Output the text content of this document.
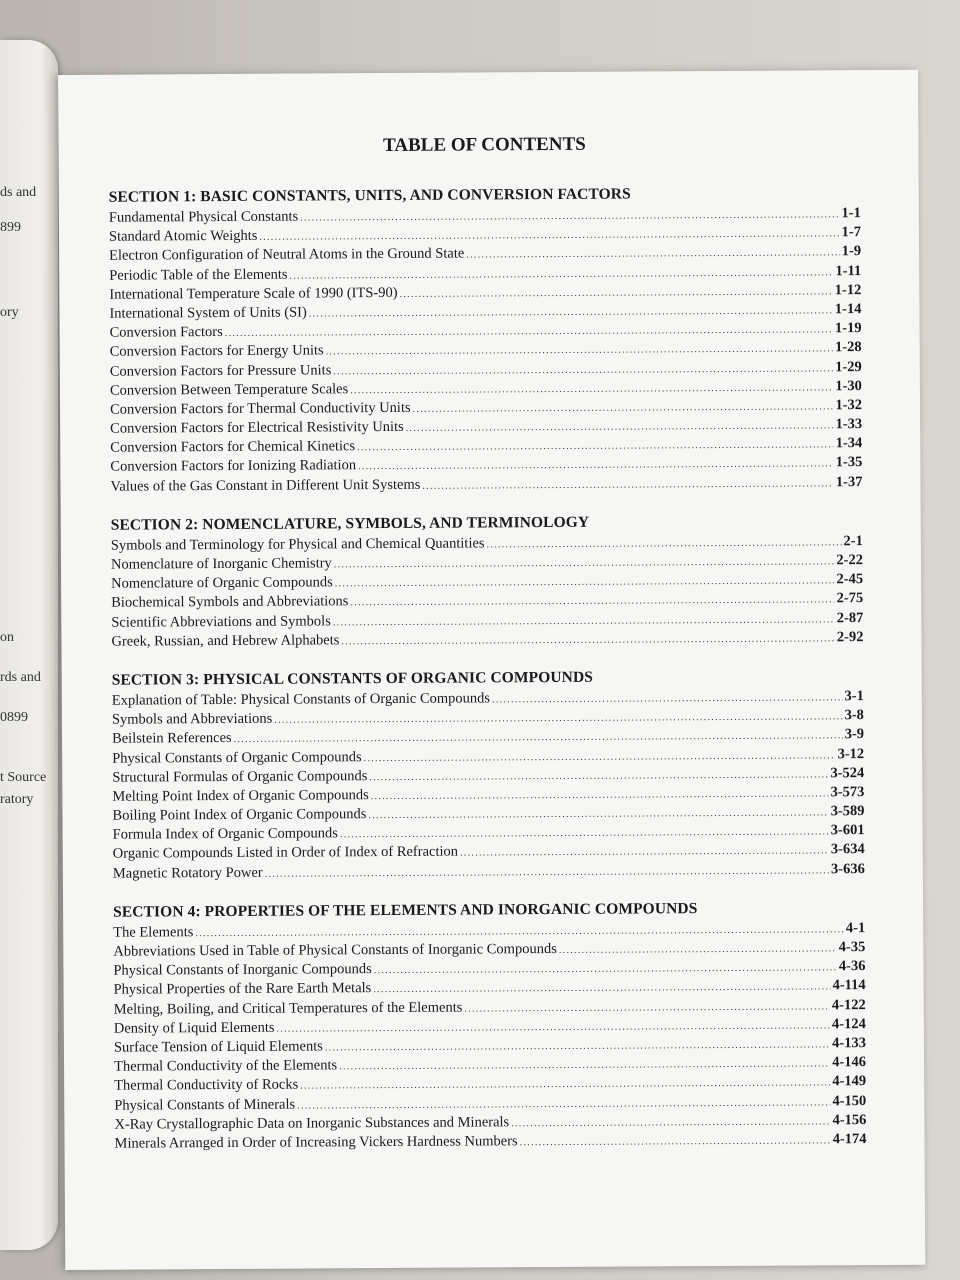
ds and
899
ory
on
rds and
0899
t Source
ratory
TABLE OF CONTENTS
SECTION 1: BASIC CONSTANTS, UNITS, AND CONVERSION FACTORS
Fundamental Physical Constants .....	1-1
Standard Atomic Weights .....	1-7
Electron Configuration of Neutral Atoms in the Ground State .....	1-9
Periodic Table of the Elements .....	1-11
International Temperature Scale of 1990 (ITS-90) .....	1-12
International System of Units (SI) .....	1-14
Conversion Factors .....	1-19
Conversion Factors for Energy Units .....	1-28
Conversion Factors for Pressure Units .....	1-29
Conversion Between Temperature Scales .....	1-30
Conversion Factors for Thermal Conductivity Units .....	1-32
Conversion Factors for Electrical Resistivity Units .....	1-33
Conversion Factors for Chemical Kinetics .....	1-34
Conversion Factors for Ionizing Radiation .....	1-35
Values of the Gas Constant in Different Unit Systems .....	1-37
SECTION 2: NOMENCLATURE, SYMBOLS, AND TERMINOLOGY
Symbols and Terminology for Physical and Chemical Quantities .....	2-1
Nomenclature of Inorganic Chemistry .....	2-22
Nomenclature of Organic Compounds .....	2-45
Biochemical Symbols and Abbreviations .....	2-75
Scientific Abbreviations and Symbols .....	2-87
Greek, Russian, and Hebrew Alphabets .....	2-92
SECTION 3: PHYSICAL CONSTANTS OF ORGANIC COMPOUNDS
Explanation of Table: Physical Constants of Organic Compounds .....	3-1
Symbols and Abbreviations .....	3-8
Beilstein References .....	3-9
Physical Constants of Organic Compounds .....	3-12
Structural Formulas of Organic Compounds .....	3-524
Melting Point Index of Organic Compounds .....	3-573
Boiling Point Index of Organic Compounds .....	3-589
Formula Index of Organic Compounds .....	3-601
Organic Compounds Listed in Order of Index of Refraction .....	3-634
Magnetic Rotatory Power .....	3-636
SECTION 4: PROPERTIES OF THE ELEMENTS AND INORGANIC COMPOUNDS
The Elements .....	4-1
Abbreviations Used in Table of Physical Constants of Inorganic Compounds .....	4-35
Physical Constants of Inorganic Compounds .....	4-36
Physical Properties of the Rare Earth Metals .....	4-114
Melting, Boiling, and Critical Temperatures of the Elements .....	4-122
Density of Liquid Elements .....	4-124
Surface Tension of Liquid Elements .....	4-133
Thermal Conductivity of the Elements .....	4-146
Thermal Conductivity of Rocks .....	4-149
Physical Constants of Minerals .....	4-150
X-Ray Crystallographic Data on Inorganic Substances and Minerals .....	4-156
Minerals Arranged in Order of Increasing Vickers Hardness Numbers .....	4-174
